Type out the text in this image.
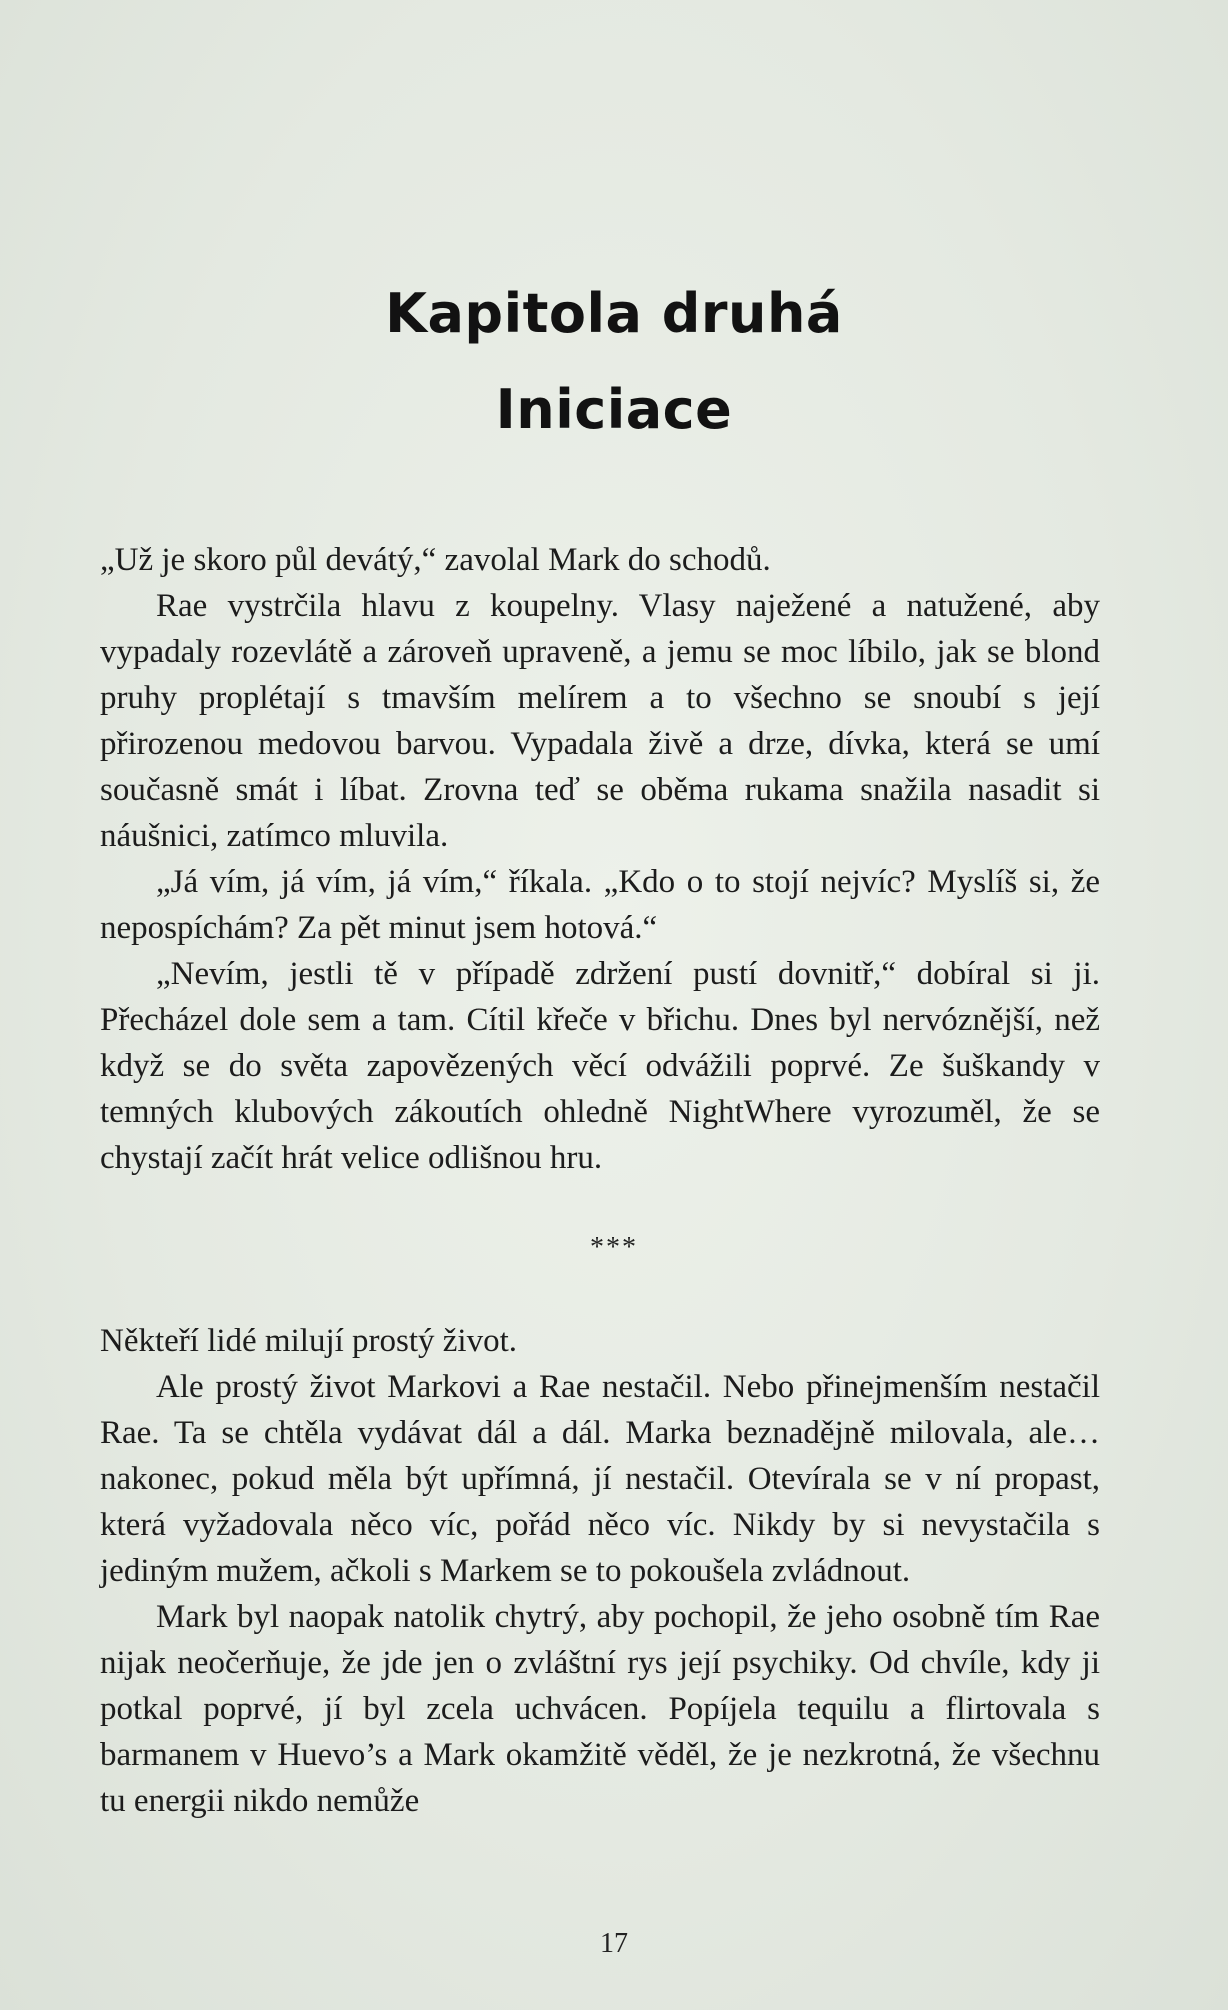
Kapitola druhá
Iniciace

„Už je skoro půl devátý,“ zavolal Mark do schodů.

Rae vystrčila hlavu z koupelny. Vlasy naježené a natužené, aby vypadaly rozevlátě a zároveň upraveně, a jemu se moc líbilo, jak se blond pruhy proplétají s tmavším melírem a to všechno se snoubí s její přirozenou medovou barvou. Vypadala živě a drze, dívka, která se umí současně smát i líbat. Zrovna teď se oběma rukama snažila nasadit si náušnici, zatímco mluvila.

„Já vím, já vím, já vím,“ říkala. „Kdo o to stojí nejvíc? Myslíš si, že nepospíchám? Za pět minut jsem hotová.“

„Nevím, jestli tě v případě zdržení pustí dovnitř,“ dobíral si ji. Přecházel dole sem a tam. Cítil křeče v břichu. Dnes byl nervóznější, než když se do světa zapovězených věcí odvážili poprvé. Ze šuškandy v temných klubových zákoutích ohledně NightWhere vyrozuměl, že se chystají začít hrát velice odlišnou hru.

***

Někteří lidé milují prostý život.

Ale prostý život Markovi a Rae nestačil. Nebo přinejmenším nestačil Rae. Ta se chtěla vydávat dál a dál. Marka beznadějně milovala, ale… nakonec, pokud měla být upřímná, jí nestačil. Otevírala se v ní propast, která vyžadovala něco víc, pořád něco víc. Nikdy by si nevystačila s jediným mužem, ačkoli s Markem se to pokoušela zvládnout.

Mark byl naopak natolik chytrý, aby pochopil, že jeho osobně tím Rae nijak neočerňuje, že jde jen o zvláštní rys její psychiky. Od chvíle, kdy ji potkal poprvé, jí byl zcela uchvácen. Popíjela tequilu a flirtovala s barmanem v Huevo’s a Mark okamžitě věděl, že je nezkrotná, že všechnu tu energii nikdo nemůže

17
